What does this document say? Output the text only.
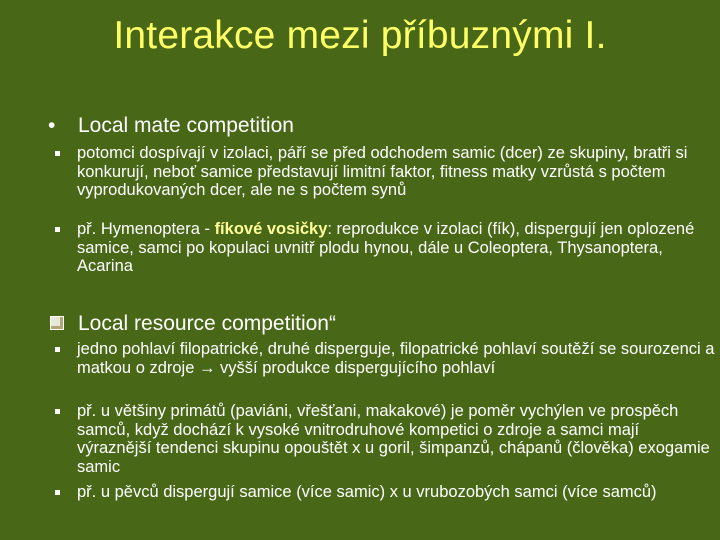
Interakce mezi příbuznými I.
• Local mate competition
potomci dospívají v izolaci, páří se před odchodem samic (dcer) ze skupiny, bratři si konkurují, neboť samice představují limitní faktor, fitness matky vzrůstá s počtem vyprodukovaných dcer, ale ne s počtem synů
př. Hymenoptera - fíkové vosičky: reprodukce v izolaci (fík), dispergují jen oplozené samice, samci po kopulaci uvnitř plodu hynou, dále u Coleoptera, Thysanoptera, Acarina
Local resource competition“
jedno pohlaví filopatrické, druhé disperguje, filopatrické pohlaví soutěží se sourozenci a matkou o zdroje → vyšší produkce dispergujícího pohlaví
př. u většiny primátů (paviáni, vřešťani, makakové) je poměr vychýlen ve prospěch samců, když dochází k vysoké vnitrodruhové kompetici o zdroje a samci mají výraznější tendenci skupinu opouštět x u goril, šimpanzů, chápanů (člověka) exogamie samic
př. u pěvců dispergují samice (více samic) x u vrubozobých samci (více samců)
